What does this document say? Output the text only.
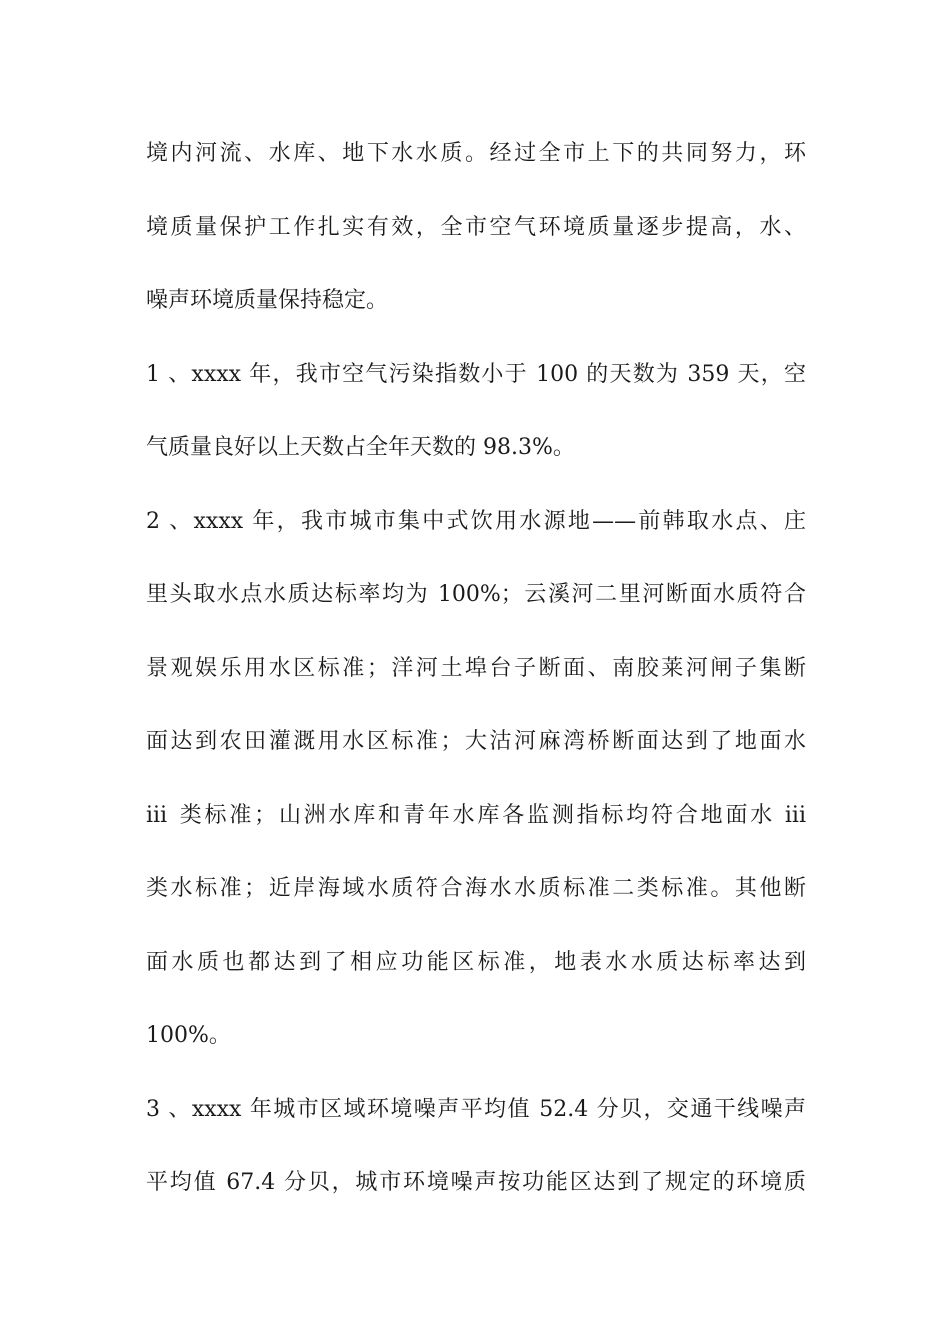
境内河流、水库、地下水水质。经过全市上下的共同努力，环
境质量保护工作扎实有效，全市空气环境质量逐步提高，水、
噪声环境质量保持稳定。
1 、xxxx 年，我市空气污染指数小于 100 的天数为 359 天，空
气质量良好以上天数占全年天数的 98.3%。
2 、xxxx 年，我市城市集中式饮用水源地——前韩取水点、庄
里头取水点水质达标率均为 100%；云溪河二里河断面水质符合
景观娱乐用水区标准；洋河土埠台子断面、南胶莱河闸子集断
面达到农田灌溉用水区标准；大沽河麻湾桥断面达到了地面水
ⅲ 类标准；山洲水库和青年水库各监测指标均符合地面水 iii
类水标准；近岸海域水质符合海水水质标准二类标准。其他断
面水质也都达到了相应功能区标准，地表水水质达标率达到
100%。
3 、xxxx 年城市区域环境噪声平均值 52.4 分贝，交通干线噪声
平均值 67.4 分贝，城市环境噪声按功能区达到了规定的环境质
